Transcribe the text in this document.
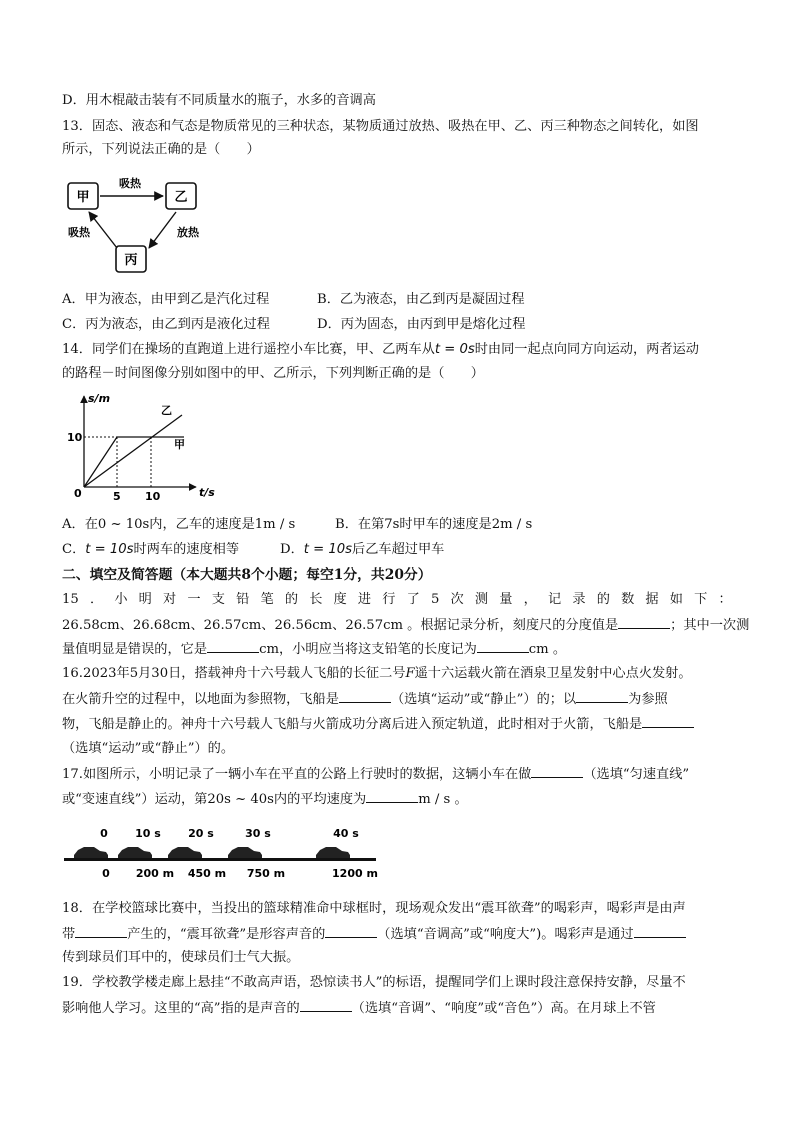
D．用木棍敲击装有不同质量水的瓶子，水多的音调高
13．固态、液态和气态是物质常见的三种状态，某物质通过放热、吸热在甲、乙、丙三种物态之间转化，如图
所示，下列说法正确的是（　　）
甲	乙
丙
吸热
放热
吸热
A．甲为液态，由甲到乙是汽化过程	B．乙为液态，由乙到丙是凝固过程
C．丙为液态，由乙到丙是液化过程	D．丙为固态，由丙到甲是熔化过程
14．同学们在操场的直跑道上进行遥控小车比赛，甲、乙两车从t = 0s时由同一起点向同方向运动，两者运动
的路程－时间图像分别如图中的甲、乙所示，下列判断正确的是（　　）
s/m
t/s
0
10
5 10
乙
甲
A．在0 ~ 10s内，乙车的速度是1m / s	B．在第7s时甲车的速度是2m / s
C．t = 10s时两车的速度相等	D．t = 10s后乙车超过甲车
二、填空及简答题（本大题共8个小题；每空1分，共20分）
15 ． 小 明 对 一 支 铅 笔 的 长 度 进 行 了 5 次 测 量 ， 记 录 的 数 据 如 下 ：
26.58cm、26.68cm、26.57cm、26.56cm、26.57cm 。根据记录分析，刻度尺的分度值是	；其中一次测
量值明显是错误的，它是	cm，小明应当将这支铅笔的长度记为	cm 。
16.2023年5月30日，搭载神舟十六号载人飞船的长征二号F遥十六运载火箭在酒泉卫星发射中心点火发射。
在火箭升空的过程中，以地面为参照物，飞船是	（选填“运动”或“静止”）的；以	为参照
物，飞船是静止的。神舟十六号载人飞船与火箭成功分离后进入预定轨道，此时相对于火箭，飞船是
（选填“运动”或“静止”）的。
17.如图所示，小明记录了一辆小车在平直的公路上行驶时的数据，这辆小车在做	（选填“匀速直线”
或“变速直线”）运动，第20s ~ 40s内的平均速度为	m / s 。
0 10 s 20 s	30 s	40 s
0 200 m 450 m 750 m	1200 m
18．在学校篮球比赛中，当投出的篮球精准命中球框时，现场观众发出“震耳欲聋”的喝彩声，喝彩声是由声
带	产生的，“震耳欲聋”是形容声音的	（选填“音调高”或“响度大”)。喝彩声是通过
传到球员们耳中的，使球员们士气大振。
19．学校教学楼走廊上悬挂“不敢高声语，恐惊读书人”的标语，提醒同学们上课时段注意保持安静，尽量不
影响他人学习。这里的“高”指的是声音的	（选填“音调”、“响度”或“音色”）高。在月球上不管
